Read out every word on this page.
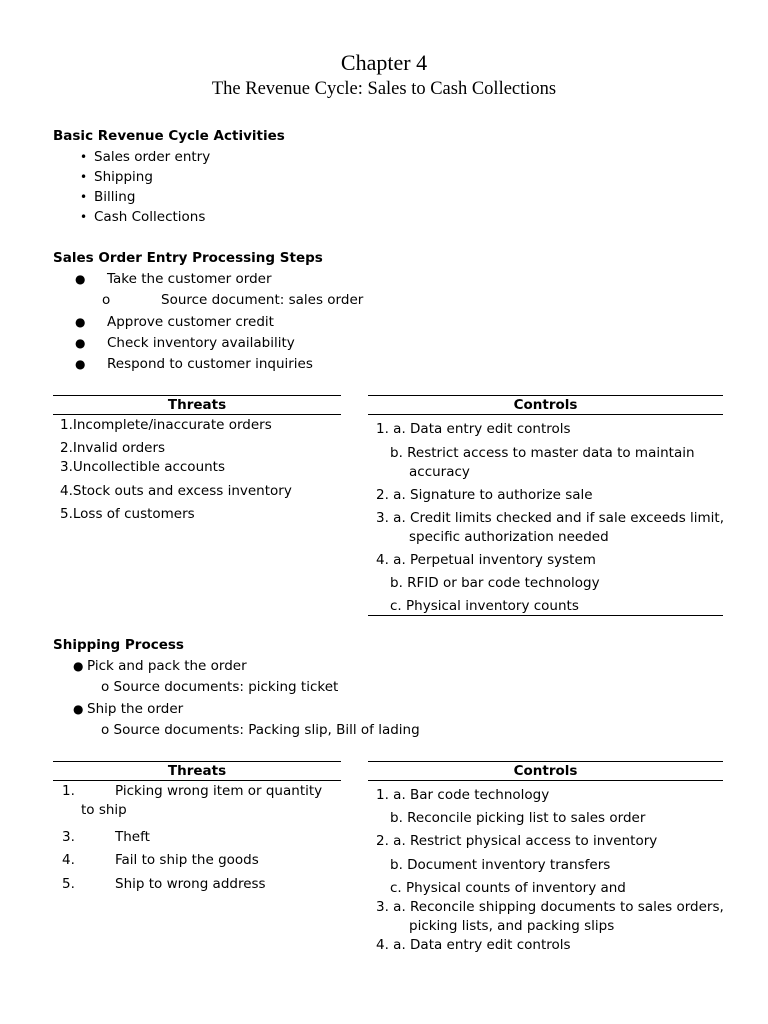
Chapter 4
The Revenue Cycle: Sales to Cash Collections
Basic Revenue Cycle Activities
• Sales order entry
• Shipping
• Billing
• Cash Collections
Sales Order Entry Processing Steps
● Take the customer order
o	Source document: sales order
● Approve customer credit
● Check inventory availability
● Respond to customer inquiries
Threats	Controls
1.Incomplete/inaccurate orders
2.Invalid orders
3.Uncollectible accounts
4.Stock outs and excess inventory
5.Loss of customers
1. a. Data entry edit controls
b. Restrict access to master data to maintain
accuracy
2. a. Signature to authorize sale
3. a. Credit limits checked and if sale exceeds limit,
specific authorization needed
4. a. Perpetual inventory system
b. RFID or bar code technology
c. Physical inventory counts
Shipping Process
● Pick and pack the order
o Source documents: picking ticket
● Ship the order
o Source documents: Packing slip, Bill of lading
Threats	Controls
1.	Picking wrong item or quantity
to ship
3.	Theft
4.	Fail to ship the goods
5.	Ship to wrong address
1. a. Bar code technology
b. Reconcile picking list to sales order
2. a. Restrict physical access to inventory
b. Document inventory transfers
c. Physical counts of inventory and
3. a. Reconcile shipping documents to sales orders,
picking lists, and packing slips
4. a. Data entry edit controls
